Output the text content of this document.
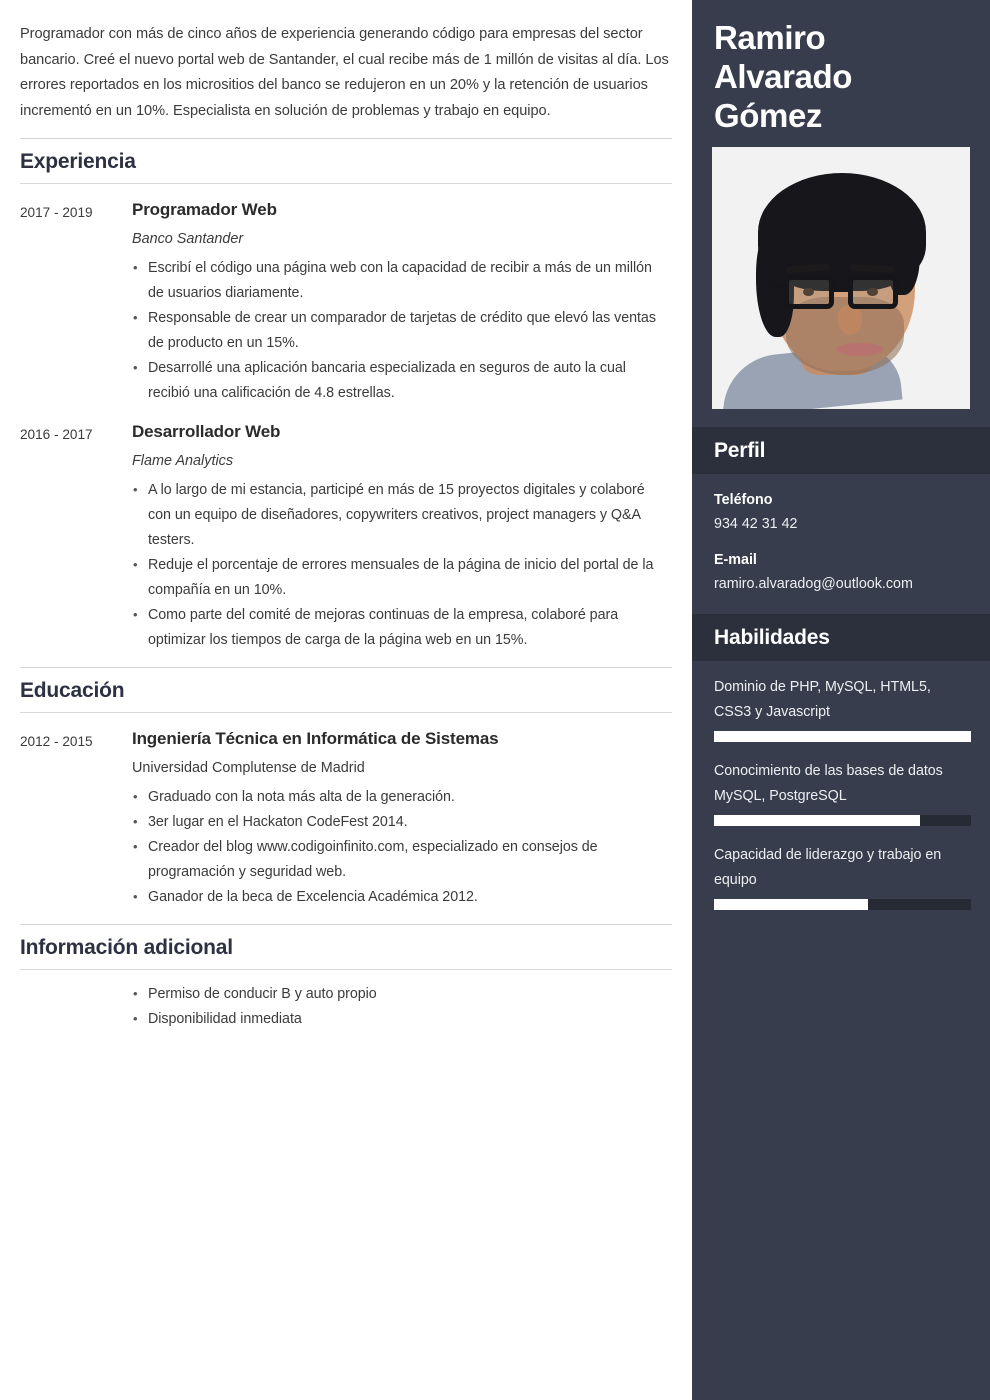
Programador con más de cinco años de experiencia generando código para empresas del sector bancario. Creé el nuevo portal web de Santander, el cual recibe más de 1 millón de visitas al día. Los errores reportados en los micrositios del banco se redujeron en un 20% y la retención de usuarios incrementó en un 10%. Especialista en solución de problemas y trabajo en equipo.

Experiencia
2017 - 2019	Programador Web
Banco Santander
• Escribí el código una página web con la capacidad de recibir a más de un millón de usuarios diariamente.
• Responsable de crear un comparador de tarjetas de crédito que elevó las ventas de producto en un 15%.
• Desarrollé una aplicación bancaria especializada en seguros de auto la cual recibió una calificación de 4.8 estrellas.
2016 - 2017	Desarrollador Web
Flame Analytics
• A lo largo de mi estancia, participé en más de 15 proyectos digitales y colaboré con un equipo de diseñadores, copywriters creativos, project managers y Q&A testers.
• Reduje el porcentaje de errores mensuales de la página de inicio del portal de la compañía en un 10%.
• Como parte del comité de mejoras continuas de la empresa, colaboré para optimizar los tiempos de carga de la página web en un 15%.
Educación
2012 - 2015	Ingeniería Técnica en Informática de Sistemas
Universidad Complutense de Madrid
• Graduado con la nota más alta de la generación.
• 3er lugar en el Hackaton CodeFest 2014.
• Creador del blog www.codigoinfinito.com, especializado en consejos de programación y seguridad web.
• Ganador de la beca de Excelencia Académica 2012.
Información adicional
• Permiso de conducir B y auto propio
• Disponibilidad inmediata
Ramiro Alvarado Gómez
Perfil
Teléfono
934 42 31 42
E-mail
ramiro.alvaradog@outlook.com
Habilidades
Dominio de PHP, MySQL, HTML5, CSS3 y Javascript
Conocimiento de las bases de datos MySQL, PostgreSQL
Capacidad de liderazgo y trabajo en equipo
